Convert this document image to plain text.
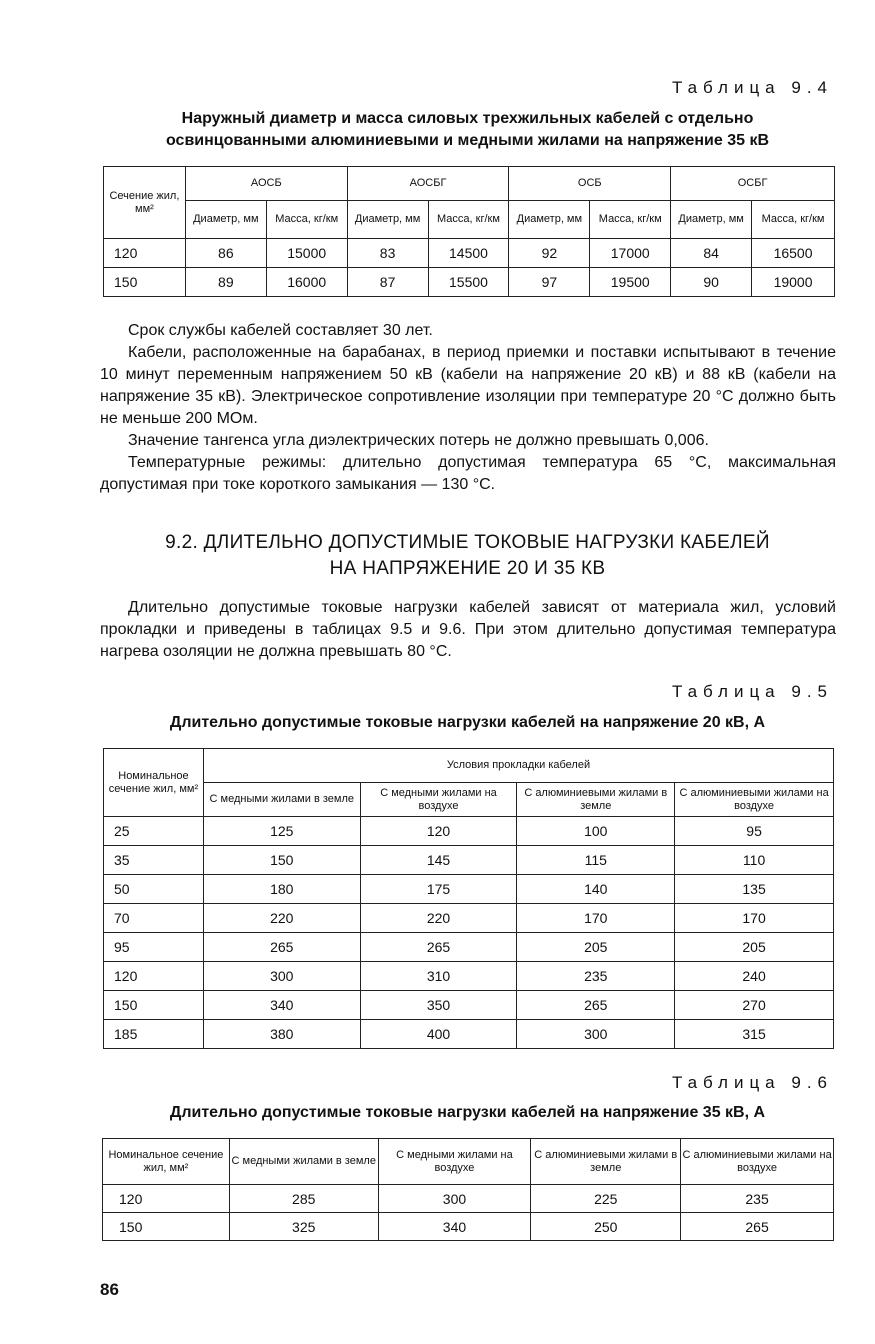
Таблица 9.4
Наружный диаметр и масса силовых трехжильных кабелей с отдельно
освинцованными алюминиевыми и медными жилами на напряжение 35 кВ
Сечение жил, мм²	АОСБ		АОСБГ		ОСБ		ОСБГ	
	Диаметр, мм	Масса, кг/км	Диаметр, мм	Масса, кг/км	Диаметр, мм	Масса, кг/км	Диаметр, мм	Масса, кг/км
120	86	15000	83	14500	92	17000	84	16500
150	89	16000	87	15500	97	19500	90	19000

Срок службы кабелей составляет 30 лет.

Кабели, расположенные на барабанах, в период приемки и поставки испытывают в течение 10 минут переменным напряжением 50 кВ (кабели на напряжение 20 кВ) и 88 кВ (кабели на напряжение 35 кВ). Электрическое сопротивление изоляции при температуре 20 °С должно быть не меньше 200 МОм.

Значение тангенса угла диэлектрических потерь не должно превышать 0,006.

Температурные режимы: длительно допустимая температура 65 °С, максимальная допустимая при токе короткого замыкания — 130 °С.

9.2. ДЛИТЕЛЬНО ДОПУСТИМЫЕ ТОКОВЫЕ НАГРУЗКИ КАБЕЛЕЙ
НА НАПРЯЖЕНИЕ 20 И 35 КВ

Длительно допустимые токовые нагрузки кабелей зависят от материала жил, условий прокладки и приведены в таблицах 9.5 и 9.6. При этом длительно допустимая температура нагрева озоляции не должна превышать 80 °С.

Таблица 9.5
Длительно допустимые токовые нагрузки кабелей на напряжение 20 кВ, А
Номинальное сечение жил, мм²	Условия прокладки кабелей			
	С медными жилами в земле	С медными жилами на воздухе	С алюминиевыми жилами в земле	С алюминиевыми жилами на воздухе
25	125	120	100	95
35	150	145	115	110
50	180	175	140	135
70	220	220	170	170
95	265	265	205	205
120	300	310	235	240
150	340	350	265	270
185	380	400	300	315
Таблица 9.6
Длительно допустимые токовые нагрузки кабелей на напряжение 35 кВ, А
Номинальное сечение жил, мм²	С медными жилами в земле	С медными жилами на воздухе	С алюминиевыми жилами в земле	С алюминиевыми жилами на воздухе
120	285	300	225	235
150	325	340	250	265
86
